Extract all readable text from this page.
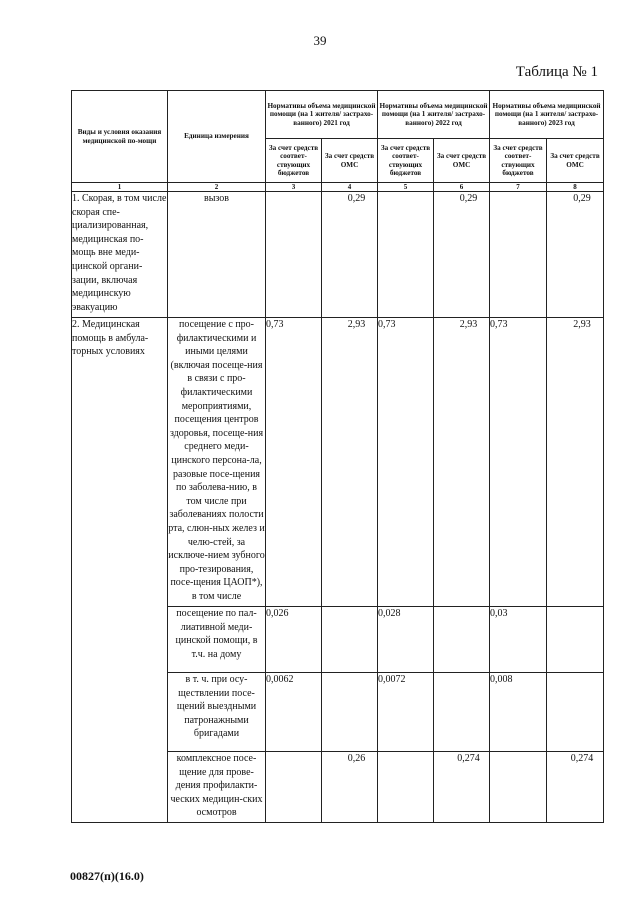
39
Таблица № 1
Виды и условия оказания медицинской по-мощи	Единица измерения	Нормативы объема медицинской помощи (на 1 жителя/ застрахо-ванного) 2021 год		Нормативы объема медицинской помощи (на 1 жителя/ застрахо-ванного) 2022 год		Нормативы объема медицинской помощи (на 1 жителя/ застрахо-ванного) 2023 год	
		За счет средств соответ-ствующих бюджетов	За счет средств ОМС	За счет средств соответ-ствующих бюджетов	За счет средств ОМС	За счет средств соответ-ствующих бюджетов	За счет средств ОМС
1	2	3	4	5	6	7	8
1. Скорая, в том числе скорая спе-циализированная, медицинская по-мощь вне меди-цинской органи-зации, включая медицинскую эвакуацию	вызов		0,29		0,29		0,29
2. Медицинская помощь в амбула-торных условиях	посещение с про-филактическими и иными целями (включая посеще-ния в связи с про-филактическими мероприятиями, посещения центров здоровья, посеще-ния среднего меди-цинского персона-ла, разовые посе-щения по заболева-нию, в том числе при заболеваниях полости рта, слюн-ных желез и челю-стей, за исключе-нием зубного про-тезирования, посе-щения ЦАОП*), в том числе	0,73	2,93	0,73	2,93	0,73	2,93
	посещение по пал-лиативной меди-цинской помощи, в т.ч. на дому	0,026		0,028		0,03	
	в т. ч. при осу-ществлении посе-щений выездными патронажными бригадами	0,0062		0,0072		0,008	
	комплексное посе-щение для прове-дения профилакти-ческих медицин-ских осмотров		0,26		0,274		0,274
00827(п)(16.0)
